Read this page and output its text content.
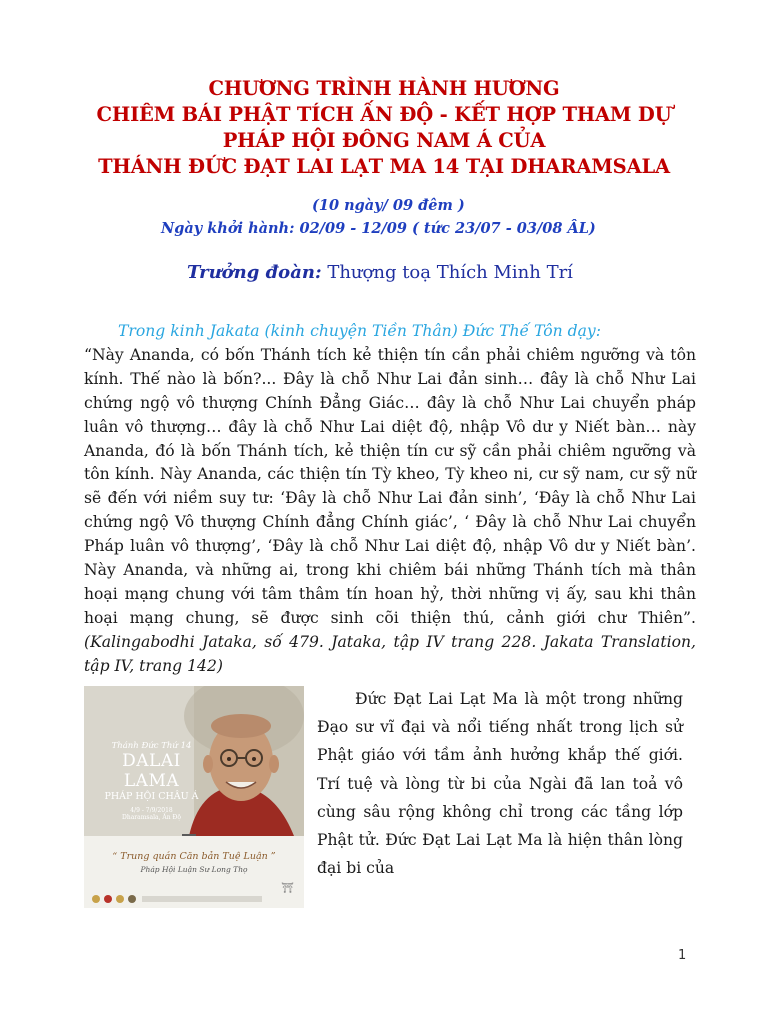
CHƯƠNG TRÌNH HÀNH HƯƠNG
CHIÊM BÁI PHẬT TÍCH ẤN ĐỘ - KẾT HỢP THAM DỰ
PHÁP HỘI ĐÔNG NAM Á CỦA
THÁNH ĐỨC ĐẠT LAI LẠT MA 14 TẠI DHARAMSALA
(10 ngày/ 09 đêm )
Ngày khởi hành: 02/09 - 12/09 ( tức 23/07 - 03/08 ÂL)
Trưởng đoàn: Thượng toạ Thích Minh Trí
Trong kinh Jakata (kinh chuyện Tiền Thân) Đức Thế Tôn dạy:
“Này Ananda, có bốn Thánh tích kẻ thiện tín cần phải chiêm ngưỡng và tôn kính. Thế nào là bốn?... Đây là chỗ Như Lai đản sinh… đây là chỗ Như Lai chứng ngộ vô thượng Chính Đẳng Giác… đây là chỗ Như Lai chuyển pháp luân vô thượng… đây là chỗ Như Lai diệt độ, nhập Vô dư y Niết bàn… này Ananda, đó là bốn Thánh tích, kẻ thiện tín cư sỹ cần phải chiêm ngưỡng và tôn kính. Này Ananda, các thiện tín Tỳ kheo, Tỳ kheo ni, cư sỹ nam, cư sỹ nữ sẽ đến với niềm suy tư: ‘Đây là chỗ Như Lai đản sinh’, ‘Đây là chỗ Như Lai chứng ngộ Vô thượng Chính đẳng Chính giác’, ‘ Đây là chỗ Như Lai chuyển Pháp luân vô thượng’, ‘Đây là chỗ Như Lai diệt độ, nhập Vô dư y Niết bàn’. Này Ananda, và những ai, trong khi chiêm bái những Thánh tích mà thân hoại mạng chung với tâm thâm tín hoan hỷ, thời những vị ấy, sau khi thân hoại mạng chung, sẽ được sinh cõi thiện thú, cảnh giới chư Thiên”. (Kalingabodhi Jataka, số 479. Jataka, tập IV trang 228. Jakata Translation, tập IV, trang 142)
⛩
Thánh Đức Thứ 14
DALAI LAMA
PHÁP HỘI CHÂU Á
4/9 - 7/9/2018
Dharamsala, Ấn Độ
“ Trung quán Căn bản Tuệ Luận ”
Pháp Hội Luận Sư Long Thọ
Đức Đạt Lai Lạt Ma là một trong những Đạo sư vĩ đại và nổi tiếng nhất trong lịch sử Phật giáo với tầm ảnh hưởng khắp thế giới. Trí tuệ và lòng từ bi của Ngài đã lan toả vô cùng sâu rộng không chỉ trong các tầng lớp Phật tử. Đức Đạt Lai Lạt Ma là hiện thân lòng đại bi của
1
